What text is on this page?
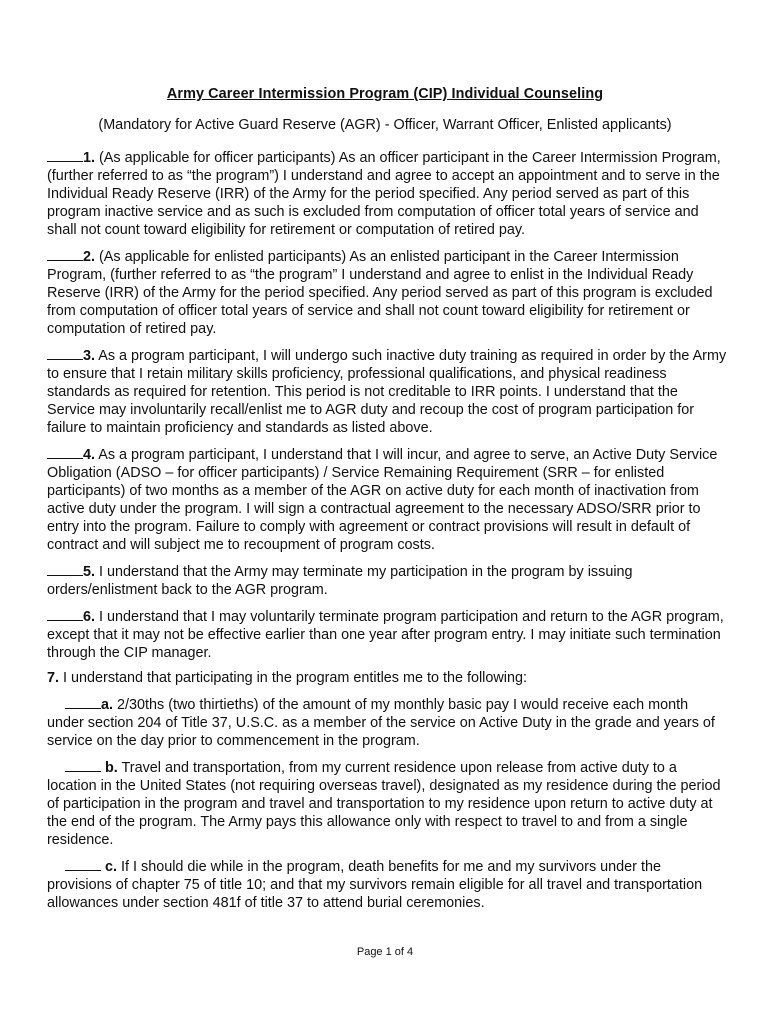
Army Career Intermission Program (CIP) Individual Counseling
(Mandatory for Active Guard Reserve (AGR) - Officer, Warrant Officer, Enlisted applicants)

1. (As applicable for officer participants) As an officer participant in the Career Intermission Program, (further referred to as “the program”) I understand and agree to accept an appointment and to serve in the Individual Ready Reserve (IRR) of the Army for the period specified. Any period served as part of this program inactive service and as such is excluded from computation of officer total years of service and shall not count toward eligibility for retirement or computation of retired pay.

2. (As applicable for enlisted participants) As an enlisted participant in the Career Intermission Program, (further referred to as “the program” I understand and agree to enlist in the Individual Ready Reserve (IRR) of the Army for the period specified. Any period served as part of this program is excluded from computation of officer total years of service and shall not count toward eligibility for retirement or computation of retired pay.

3. As a program participant, I will undergo such inactive duty training as required in order by the Army to ensure that I retain military skills proficiency, professional qualifications, and physical readiness standards as required for retention. This period is not creditable to IRR points. I understand that the Service may involuntarily recall/enlist me to AGR duty and recoup the cost of program participation for failure to maintain proficiency and standards as listed above.

4. As a program participant, I understand that I will incur, and agree to serve, an Active Duty Service Obligation (ADSO – for officer participants) / Service Remaining Requirement (SRR – for enlisted participants) of two months as a member of the AGR on active duty for each month of inactivation from active duty under the program. I will sign a contractual agreement to the necessary ADSO/SRR prior to entry into the program. Failure to comply with agreement or contract provisions will result in default of contract and will subject me to recoupment of program costs.

5. I understand that the Army may terminate my participation in the program by issuing orders/enlistment back to the AGR program.

6. I understand that I may voluntarily terminate program participation and return to the AGR program, except that it may not be effective earlier than one year after program entry. I may initiate such termination through the CIP manager.

7. I understand that participating in the program entitles me to the following:

a. 2/30ths (two thirtieths) of the amount of my monthly basic pay I would receive each month under section 204 of Title 37, U.S.C. as a member of the service on Active Duty in the grade and years of service on the day prior to commencement in the program.

b. Travel and transportation, from my current residence upon release from active duty to a location in the United States (not requiring overseas travel), designated as my residence during the period of participation in the program and travel and transportation to my residence upon return to active duty at the end of the program. The Army pays this allowance only with respect to travel to and from a single residence.

c. If I should die while in the program, death benefits for me and my survivors under the provisions of chapter 75 of title 10; and that my survivors remain eligible for all travel and transportation allowances under section 481f of title 37 to attend burial ceremonies.

Page 1 of 4
